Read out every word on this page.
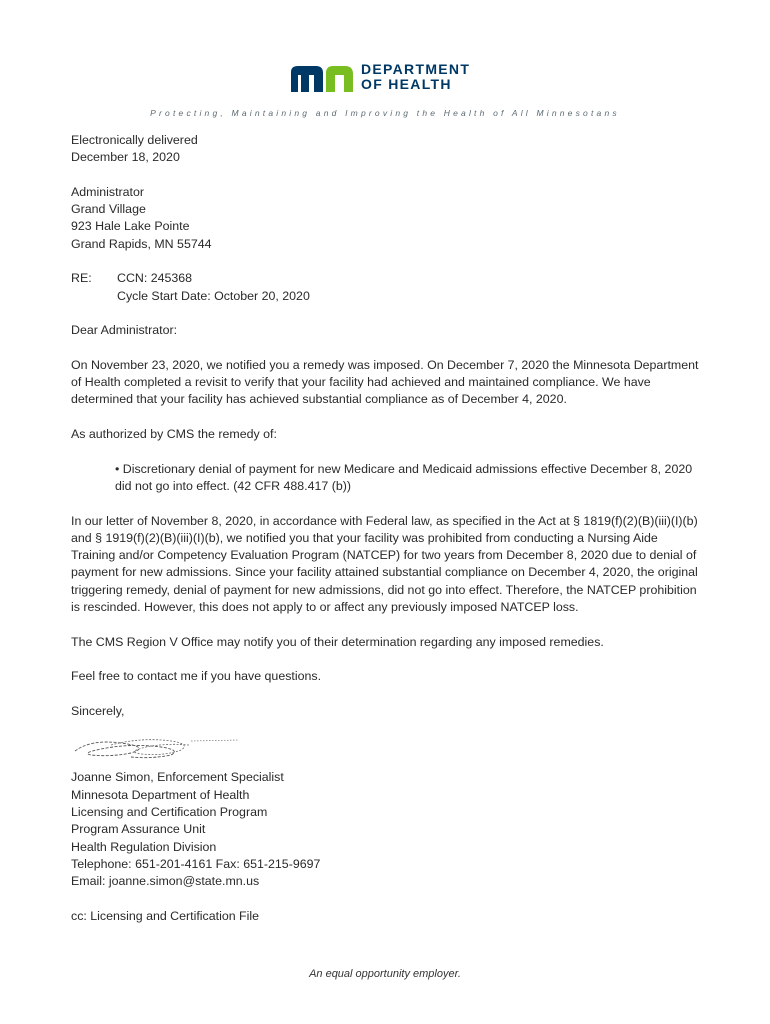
DEPARTMENT
OF HEALTH
Protecting, Maintaining and Improving the Health of All Minnesotans

Electronically delivered
December 18, 2020

Administrator
Grand Village
923 Hale Lake Pointe
Grand Rapids, MN 55744

RE:	CCN: 245368
Cycle Start Date: October 20, 2020

Dear Administrator:

On November 23, 2020, we notified you a remedy was imposed. On December 7, 2020 the Minnesota Department of Health completed a revisit to verify that your facility had achieved and maintained compliance. We have determined that your facility has achieved substantial compliance as of December 4, 2020.

As authorized by CMS the remedy of:

• Discretionary denial of payment for new Medicare and Medicaid admissions effective December 8, 2020 did not go into effect. (42 CFR 488.417 (b))

In our letter of November 8, 2020, in accordance with Federal law, as specified in the Act at § 1819(f)(2)(B)(iii)(I)(b) and § 1919(f)(2)(B)(iii)(I)(b), we notified you that your facility was prohibited from conducting a Nursing Aide Training and/or Competency Evaluation Program (NATCEP) for two years from December 8, 2020 due to denial of payment for new admissions. Since your facility attained substantial compliance on December 4, 2020, the original triggering remedy, denial of payment for new admissions, did not go into effect. Therefore, the NATCEP prohibition is rescinded. However, this does not apply to or affect any previously imposed NATCEP loss.

The CMS Region V Office may notify you of their determination regarding any imposed remedies.

Feel free to contact me if you have questions.

Sincerely,

Joanne Simon, Enforcement Specialist

Minnesota Department of Health

Licensing and Certification Program

Program Assurance Unit

Health Regulation Division

Telephone: 651-201-4161 Fax: 651-215-9697

Email: joanne.simon@state.mn.us

cc: Licensing and Certification File

An equal opportunity employer.
